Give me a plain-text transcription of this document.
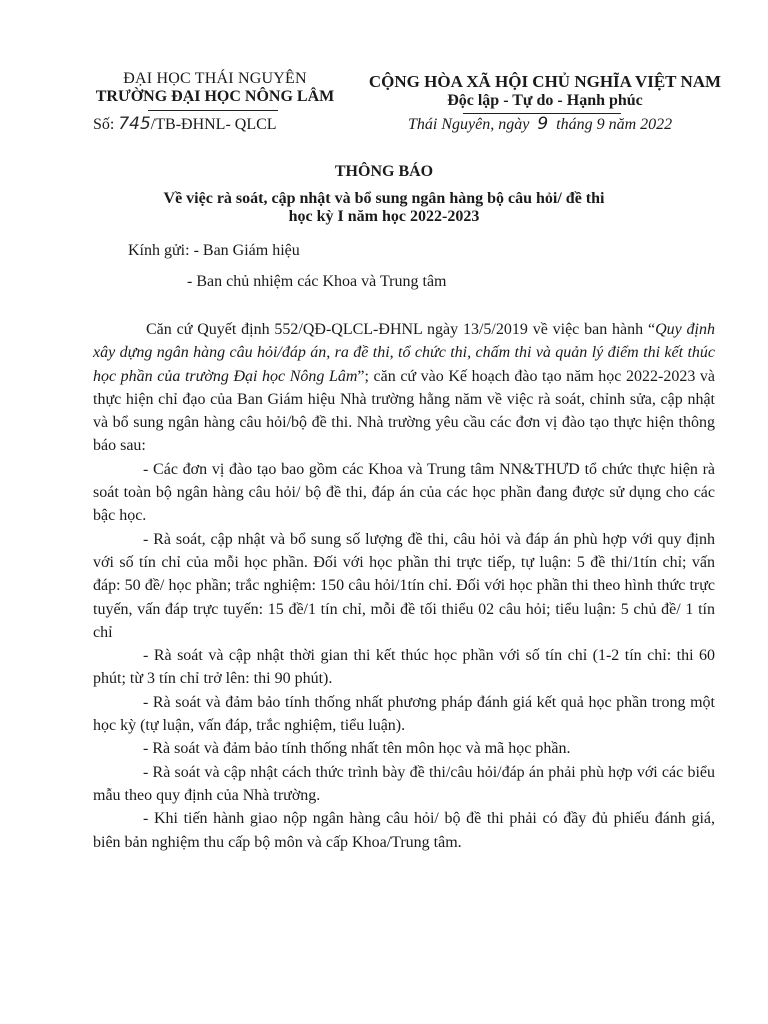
ĐẠI HỌC THÁI NGUYÊN
TRƯỜNG ĐẠI HỌC NÔNG LÂM
CỘNG HÒA XÃ HỘI CHỦ NGHĨA VIỆT NAM
Độc lập - Tự do - Hạnh phúc
Số: 745/TB-ĐHNL- QLCL	Thái Nguyên, ngày 9 tháng 9 năm 2022
THÔNG BÁO
Về việc rà soát, cập nhật và bổ sung ngân hàng bộ câu hỏi/ đề thi
học kỳ I năm học 2022-2023
Kính gửi: - Ban Giám hiệu
- Ban chủ nhiệm các Khoa và Trung tâm

Căn cứ Quyết định 552/QĐ-QLCL-ĐHNL ngày 13/5/2019 về việc ban hành “Quy định xây dựng ngân hàng câu hỏi/đáp án, ra đề thi, tổ chức thi, chấm thi và quản lý điểm thi kết thúc học phần của trường Đại học Nông Lâm”; căn cứ vào Kế hoạch đào tạo năm học 2022-2023 và thực hiện chỉ đạo của Ban Giám hiệu Nhà trường hằng năm về việc rà soát, chỉnh sửa, cập nhật và bổ sung ngân hàng câu hỏi/bộ đề thi. Nhà trường yêu cầu các đơn vị đào tạo thực hiện thông báo sau:

- Các đơn vị đào tạo bao gồm các Khoa và Trung tâm NN&THƯD tổ chức thực hiện rà soát toàn bộ ngân hàng câu hỏi/ bộ đề thi, đáp án của các học phần đang được sử dụng cho các bậc học.

- Rà soát, cập nhật và bổ sung số lượng đề thi, câu hỏi và đáp án phù hợp với quy định với số tín chỉ của mỗi học phần. Đối với học phần thi trực tiếp, tự luận: 5 đề thi/1tín chỉ; vấn đáp: 50 đề/ học phần; trắc nghiệm: 150 câu hỏi/1tín chỉ. Đối với học phần thi theo hình thức trực tuyến, vấn đáp trực tuyến: 15 đề/1 tín chỉ, mỗi đề tối thiểu 02 câu hỏi; tiểu luận: 5 chủ đề/ 1 tín chỉ

- Rà soát và cập nhật thời gian thi kết thúc học phần với số tín chỉ (1-2 tín chỉ: thi 60 phút; từ 3 tín chỉ trở lên: thi 90 phút).

- Rà soát và đảm bảo tính thống nhất phương pháp đánh giá kết quả học phần trong một học kỳ (tự luận, vấn đáp, trắc nghiệm, tiểu luận).

- Rà soát và đảm bảo tính thống nhất tên môn học và mã học phần.

- Rà soát và cập nhật cách thức trình bày đề thi/câu hỏi/đáp án phải phù hợp với các biểu mẫu theo quy định của Nhà trường.

- Khi tiến hành giao nộp ngân hàng câu hỏi/ bộ đề thi phải có đầy đủ phiếu đánh giá, biên bản nghiệm thu cấp bộ môn và cấp Khoa/Trung tâm.
